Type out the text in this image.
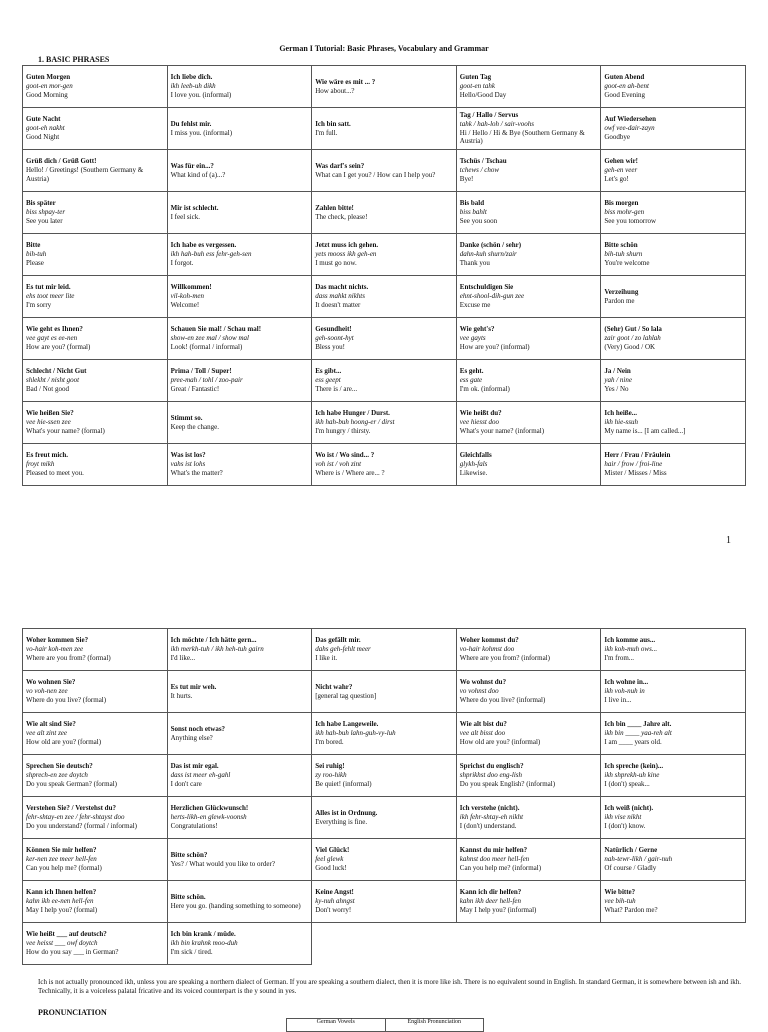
German I Tutorial: Basic Phrases, Vocabulary and Grammar
1. BASIC PHRASES
Guten Morgen
goot-en mor-gen
Good Morning	Ich liebe dich.
ikh leeb-uh dikh
I love you. (informal)	Wie wäre es mit ... ?
How about...?	Guten Tag
goot-en tahk
Hello/Good Day	Guten Abend
goot-en ah-bent
Good Evening

Gute Nacht
goot-eh nakht
Good Night	Du fehlst mir.
I miss you. (informal)	Ich bin satt.
I'm full.	Tag / Hallo / Servus
tahk / hah-loh / sair-voohs
Hi / Hello / Hi & Bye (Southern Germany & Austria)	Auf Wiedersehen
owf vee-dair-zayn
Goodbye

Grüß dich / Grüß Gott!
Hello! / Greetings! (Southern Germany & Austria)	Was für ein...?
What kind of (a)...?	Was darf's sein?
What can I get you? / How can I help you?	Tschüs / Tschau
tchews / chow
Bye!	Gehen wir!
geh-en veer
Let's go!

Bis später
biss shpay-ter
See you later	Mir ist schlecht.
I feel sick.	Zahlen bitte!
The check, please!	Bis bald
biss bahlt
See you soon	Bis morgen
biss mohr-gen
See you tomorrow

Bitte
bih-tuh
Please	Ich habe es vergessen.
ikh hah-buh ess fehr-geh-sen
I forgot.	Jetzt muss ich gehen.
yets mooss ikh geh-en
I must go now.	Danke (schön / sehr)
dahn-kuh shurn/zair
Thank you	Bitte schön
bih-tuh shurn
You're welcome

Es tut mir leid.
ehs toot meer lite
I'm sorry	Willkommen!
vil-koh-men
Welcome!	Das macht nichts.
dass mahkt nikhts
It doesn't matter	Entschuldigen Sie
ehnt-shool-dih-gun zee
Excuse me	Verzeihung
Pardon me

Wie geht es Ihnen?
vee gayt es ee-nen
How are you? (formal)	Schauen Sie mal! / Schau mal!
show-en zee mal / show mal
Look! (formal / informal)	Gesundheit!
geh-soont-hyt
Bless you!	Wie geht's?
vee gayts
How are you? (informal)	(Sehr) Gut / So lala
zair goot / zo lahlah
(Very) Good / OK

Schlecht / Nicht Gut
shlekht / nisht goot
Bad / Not good	Prima / Toll / Super!
pree-mah / tohl / zoo-pair
Great / Fantastic!	Es gibt...
ess geept
There is / are...	Es geht.
ess gate
I'm ok. (informal)	Ja / Nein
yah / nine
Yes / No

Wie heißen Sie?
vee hie-ssen zee
What's your name? (formal)	Stimmt so.
Keep the change.	Ich habe Hunger / Durst.
ikh hah-buh hoong-er / dirst
I'm hungry / thirsty.	Wie heißt du?
vee hiesst doo
What's your name? (informal)	Ich heiße...
ikh hie-ssuh
My name is... [I am called...]

Es freut mich.
froyt mikh
Pleased to meet you.	Was ist los?
vahs ist lohs
What's the matter?	Wo ist / Wo sind... ?
voh ist / voh zint
Where is / Where are... ?	Gleichfalls
glykh-fals
Likewise.	Herr / Frau / Fräulein
hair / frow / froi-line
Mister / Misses / Miss
1
Woher kommen Sie?
vo-hair koh-men zee
Where are you from? (formal)	Ich möchte / Ich hätte gern...
ikh merkh-tuh / ikh heh-tuh gairn
I'd like...	Das gefällt mir.
dahs geh-fehlt meer
I like it.	Woher kommst du?
vo-hair kohmst doo
Where are you from? (informal)	Ich komme aus...
ikh koh-muh ows...
I'm from...

Wo wohnen Sie?
vo voh-nen zee
Where do you live? (formal)	Es tut mir weh.
It hurts.	Nicht wahr?
[general tag question]	Wo wohnst du?
vo vohnst doo
Where do you live? (informal)	Ich wohne in...
ikh voh-nuh in
I live in...

Wie alt sind Sie?
vee alt zint zee
How old are you? (formal)	Sonst noch etwas?
Anything else?	Ich habe Langeweile.
ikh hah-buh lahn-guh-vy-luh
I'm bored.	Wie alt bist du?
vee alt bisst doo
How old are you? (informal)	Ich bin ____ Jahre alt.
ikh bin ____ yaa-reh alt
I am ____ years old.

Sprechen Sie deutsch?
shprech-en zee doytch
Do you speak German? (formal)	Das ist mir egal.
dass ist meer eh-gahl
I don't care	Sei ruhig!
zy roo-hikh
Be quiet! (informal)	Sprichst du englisch?
shprikhst doo eng-lish
Do you speak English? (informal)	Ich spreche (kein)...
ikh shprekh-uh kine
I (don't) speak...

Verstehen Sie? / Verstehst du?
fehr-shtay-en zee / fehr-shtayst doo
Do you understand? (formal / informal)	Herzlichen Glückwunsch!
herts-likh-en glewk-voonsh
Congratulations!	Alles ist in Ordnung.
Everything is fine.	Ich verstehe (nicht).
ikh fehr-shtay-eh nikht
I (don't) understand.	Ich weiß (nicht).
ikh vise nikht
I (don't) know.

Können Sie mir helfen?
ker-nen zee meer hell-fen
Can you help me? (formal)	Bitte schön?
Yes? / What would you like to order?	Viel Glück!
feel glewk
Good luck!	Kannst du mir helfen?
kahnst doo meer hell-fen
Can you help me? (informal)	Natürlich / Gerne
nah-tewr-likh / gair-nuh
Of course / Gladly

Kann ich Ihnen helfen?
kahn ikh ee-nen hell-fen
May I help you? (formal)	Bitte schön.
Here you go. (handing something to someone)	Keine Angst!
ky-nuh ahngst
Don't worry!	Kann ich dir helfen?
kahn ikh deer hell-fen
May I help you? (informal)	Wie bitte?
vee bih-tuh
What? Pardon me?

Wie heißt ___ auf deutsch?
vee heisst ___ owf doytch
How do you say ___ in German?	Ich bin krank / müde.
ikh bin krahnk moo-duh
I'm sick / tired.			

Ich is not actually pronounced ikh, unless you are speaking a northern dialect of German. If you are speaking a southern dialect, then it is more like ish. There is no equivalent sound in English. In standard German, it is somewhere between ish and ikh. Technically, it is a voiceless palatal fricative and its voiced counterpart is the y sound in yes.
PRONUNCIATION
German Vowels	English Pronunciation
